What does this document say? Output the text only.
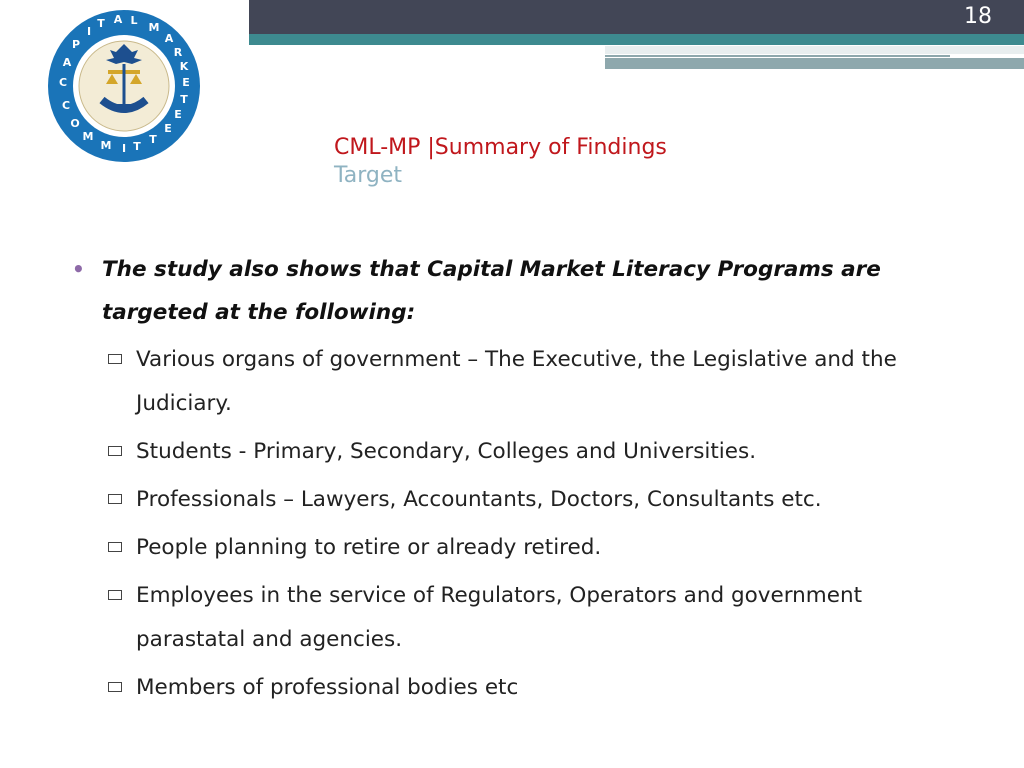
18
C
A
P
I
T A L
M
A
R
K
E
T
E
E
T
T
I
M
M
O
C
CML-MP |Summary of Findings
Target
• The study also shows that Capital Market Literacy Programs are targeted at the following:
Various organs of government – The Executive, the Legislative and the Judiciary.
Students - Primary, Secondary, Colleges and Universities.
Professionals – Lawyers, Accountants, Doctors, Consultants etc.
People planning to retire or already retired.
Employees in the service of Regulators, Operators and government parastatal and agencies.
Members of professional bodies etc
